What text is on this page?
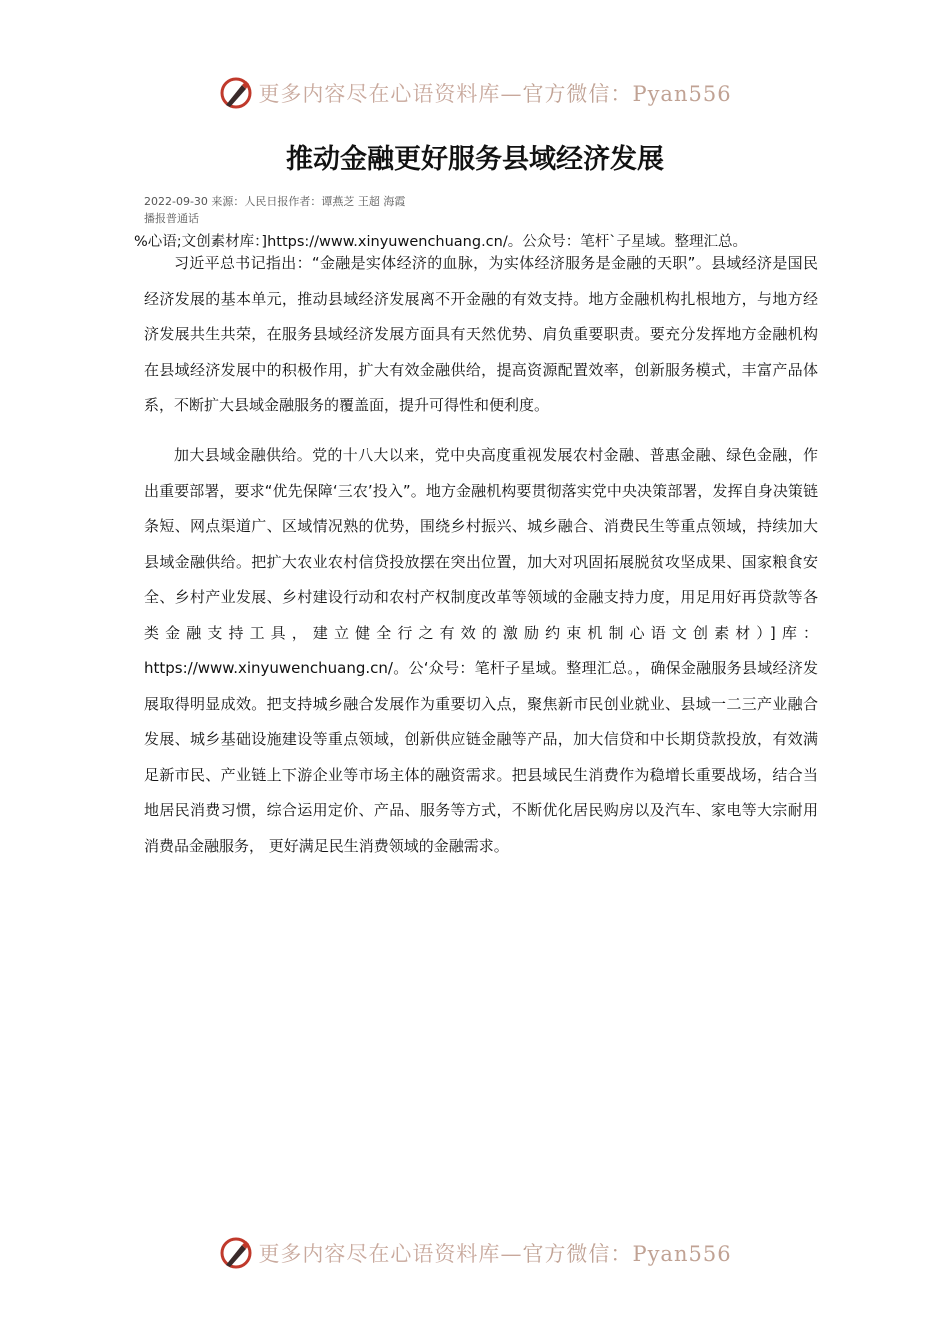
更多内容尽在心语资料库—官方微信：Pyan556
推动金融更好服务县域经济发展
2022-09-30 来源：人民日报作者：谭燕芝 王超 海霞
播报普通话
%心语;文创素材库：]https://www.xinyuwenchuang.cn/。公众号：笔杆`子星域。整理汇总。

习近平总书记指出：“金融是实体经济的血脉，为实体经济服务是金融的天职”。县域经济是国民经济发展的基本单元，推动县域经济发展离不开金融的有效支持。地方金融机构扎根地方，与地方经济发展共生共荣，在服务县域经济发展方面具有天然优势、肩负重要职责。要充分发挥地方金融机构在县域经济发展中的积极作用，扩大有效金融供给，提高资源配置效率，创新服务模式，丰富产品体系，不断扩大县域金融服务的覆盖面，提升可得性和便利度。

加大县域金融供给。党的十八大以来，党中央高度重视发展农村金融、普惠金融、绿色金融，作出重要部署，要求“优先保障‘三农’投入”。地方金融机构要贯彻落实党中央决策部署，发挥自身决策链条短、网点渠道广、区域情况熟的优势，围绕乡村振兴、城乡融合、消费民生等重点领域，持续加大县域金融供给。把扩大农业农村信贷投放摆在突出位置，加大对巩固拓展脱贫攻坚成果、国家粮食安全、乡村产业发展、乡村建设行动和农村产权制度改革等领域的金融支持力度，用足用好再贷款等各类金融支持工具，建立健全行之有效的激励约束机制心语文创素材）]库：https://www.xinyuwenchuang.cn/。公‘众号：笔杆子星域。整理汇总。，确保金融服务县域经济发展取得明显成效。把支持城乡融合发展作为重要切入点，聚焦新市民创业就业、县域一二三产业融合发展、城乡基础设施建设等重点领域，创新供应链金融等产品，加大信贷和中长期贷款投放，有效满足新市民、产业链上下游企业等市场主体的融资需求。把县域民生消费作为稳增长重要战场，结合当地居民消费习惯，综合运用定价、产品、服务等方式，不断优化居民购房以及汽车、家电等大宗耐用消费品金融服务， 更好满足民生消费领域的金融需求。

更多内容尽在心语资料库—官方微信：Pyan556
